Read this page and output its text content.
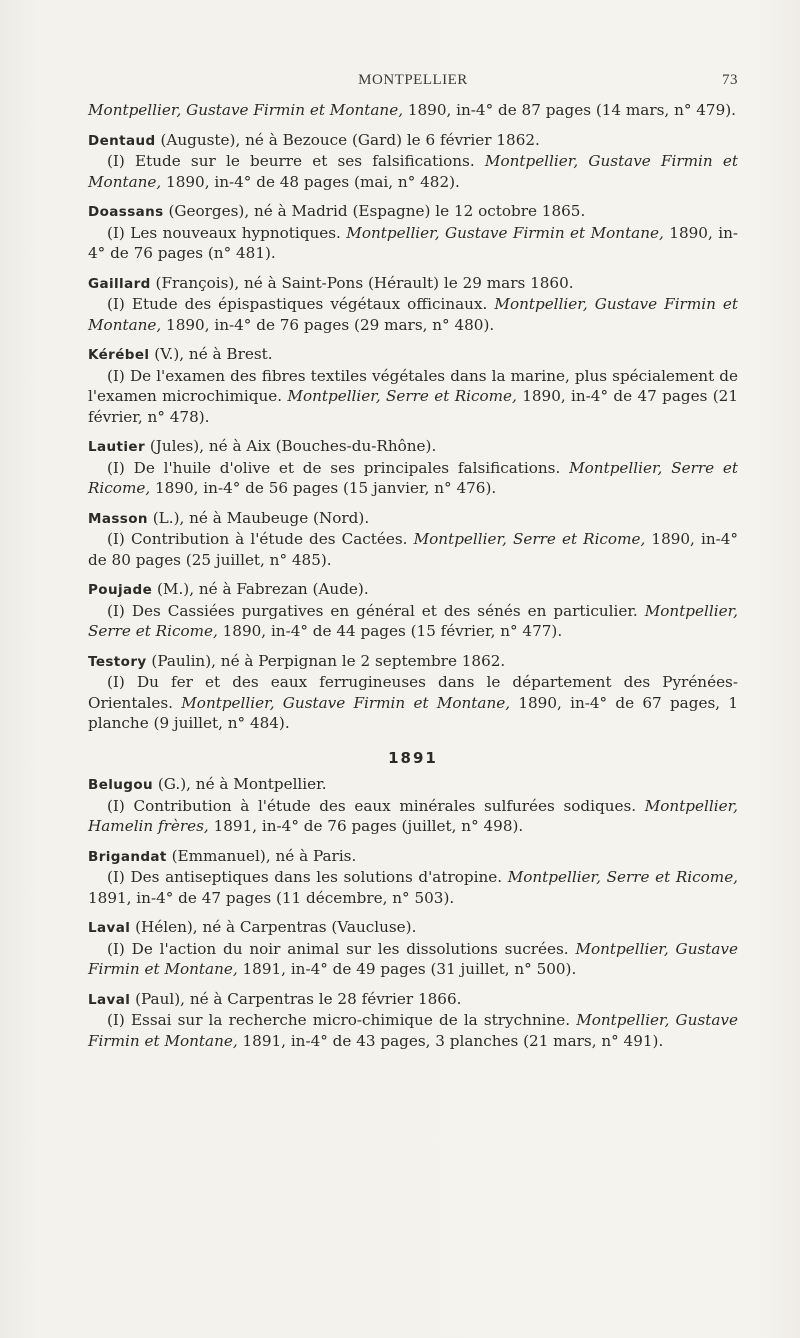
MONTPELLIER	73

Montpellier, Gustave Firmin et Montane, 1890, in-4° de 87 pages (14 mars, n° 479).

Dentaud (Auguste), né à Bezouce (Gard) le 6 février 1862.

(I) Etude sur le beurre et ses falsifications. Montpellier, Gustave Firmin et Montane, 1890, in-4° de 48 pages (mai, n° 482).

Doassans (Georges), né à Madrid (Espagne) le 12 octobre 1865.

(I) Les nouveaux hypnotiques. Montpellier, Gustave Firmin et Montane, 1890, in-4° de 76 pages (n° 481).

Gaillard (François), né à Saint-Pons (Hérault) le 29 mars 1860.

(I) Etude des épispastiques végétaux officinaux. Montpellier, Gustave Firmin et Montane, 1890, in-4° de 76 pages (29 mars, n° 480).

Kérébel (V.), né à Brest.

(I) De l'examen des fibres textiles végétales dans la marine, plus spécialement de l'examen microchimique. Montpellier, Serre et Ricome, 1890, in-4° de 47 pages (21 février, n° 478).

Lautier (Jules), né à Aix (Bouches-du-Rhône).

(I) De l'huile d'olive et de ses principales falsifications. Montpellier, Serre et Ricome, 1890, in-4° de 56 pages (15 janvier, n° 476).

Masson (L.), né à Maubeuge (Nord).

(I) Contribution à l'étude des Cactées. Montpellier, Serre et Ricome, 1890, in-4° de 80 pages (25 juillet, n° 485).

Poujade (M.), né à Fabrezan (Aude).

(I) Des Cassiées purgatives en général et des sénés en particulier. Montpellier, Serre et Ricome, 1890, in-4° de 44 pages (15 février, n° 477).

Testory (Paulin), né à Perpignan le 2 septembre 1862.

(I) Du fer et des eaux ferrugineuses dans le département des Pyrénées-Orientales. Montpellier, Gustave Firmin et Montane, 1890, in-4° de 67 pages, 1 planche (9 juillet, n° 484).

1891

Belugou (G.), né à Montpellier.

(I) Contribution à l'étude des eaux minérales sulfurées sodiques. Montpellier, Hamelin frères, 1891, in-4° de 76 pages (juillet, n° 498).

Brigandat (Emmanuel), né à Paris.

(I) Des antiseptiques dans les solutions d'atropine. Montpellier, Serre et Ricome, 1891, in-4° de 47 pages (11 décembre, n° 503).

Laval (Hélen), né à Carpentras (Vaucluse).

(I) De l'action du noir animal sur les dissolutions sucrées. Montpellier, Gustave Firmin et Montane, 1891, in-4° de 49 pages (31 juillet, n° 500).

Laval (Paul), né à Carpentras le 28 février 1866.

(I) Essai sur la recherche micro-chimique de la strychnine. Montpellier, Gustave Firmin et Montane, 1891, in-4° de 43 pages, 3 planches (21 mars, n° 491).
